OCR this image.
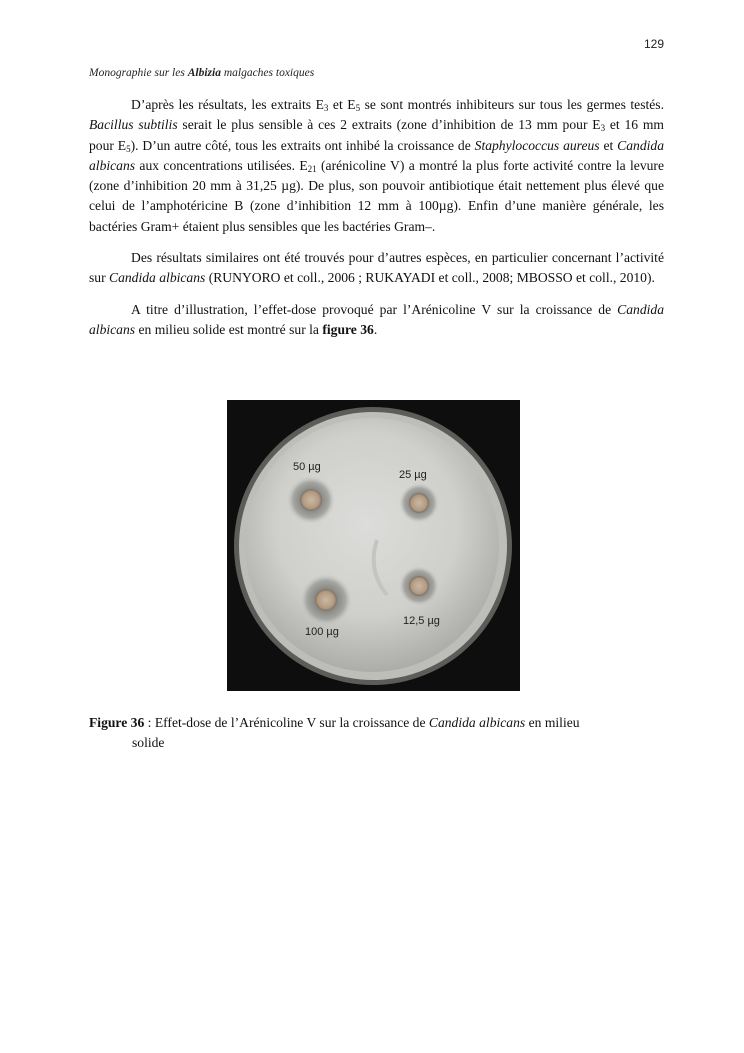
129
Monographie sur les Albizia malgaches toxiques

D’après les résultats, les extraits $E_3$ et $E_5$ se sont montrés inhibiteurs sur tous les germes testés. Bacillus subtilis serait le plus sensible à ces 2 extraits (zone d’inhibition de 13 mm pour $E_3$ et 16 mm pour $E_5$). D’un autre côté, tous les extraits ont inhibé la croissance de Staphylococcus aureus et Candida albicans aux concentrations utilisées. $E_{21}$ (arénicoline V) a montré la plus forte activité contre la levure (zone d’inhibition 20 mm à 31,25 µg). De plus, son pouvoir antibiotique était nettement plus élevé que celui de l’amphotéricine B (zone d’inhibition 12 mm à 100µg). Enfin d’une manière générale, les bactéries Gram+ étaient plus sensibles que les bactéries Gram–.

Des résultats similaires ont été trouvés pour d’autres espèces, en particulier concernant l’activité sur Candida albicans (RUNYORO et coll., 2006 ; RUKAYADI et coll., 2008; MBOSSO et coll., 2010).

A titre d’illustration, l’effet-dose provoqué par l’Arénicoline V sur la croissance de Candida albicans en milieu solide est montré sur la figure 36.

50 µg
25 µg
100 µg
12,5 µg
Figure 36 : Effet-dose de l’Arénicoline V sur la croissance de Candida albicans en milieu
solide
